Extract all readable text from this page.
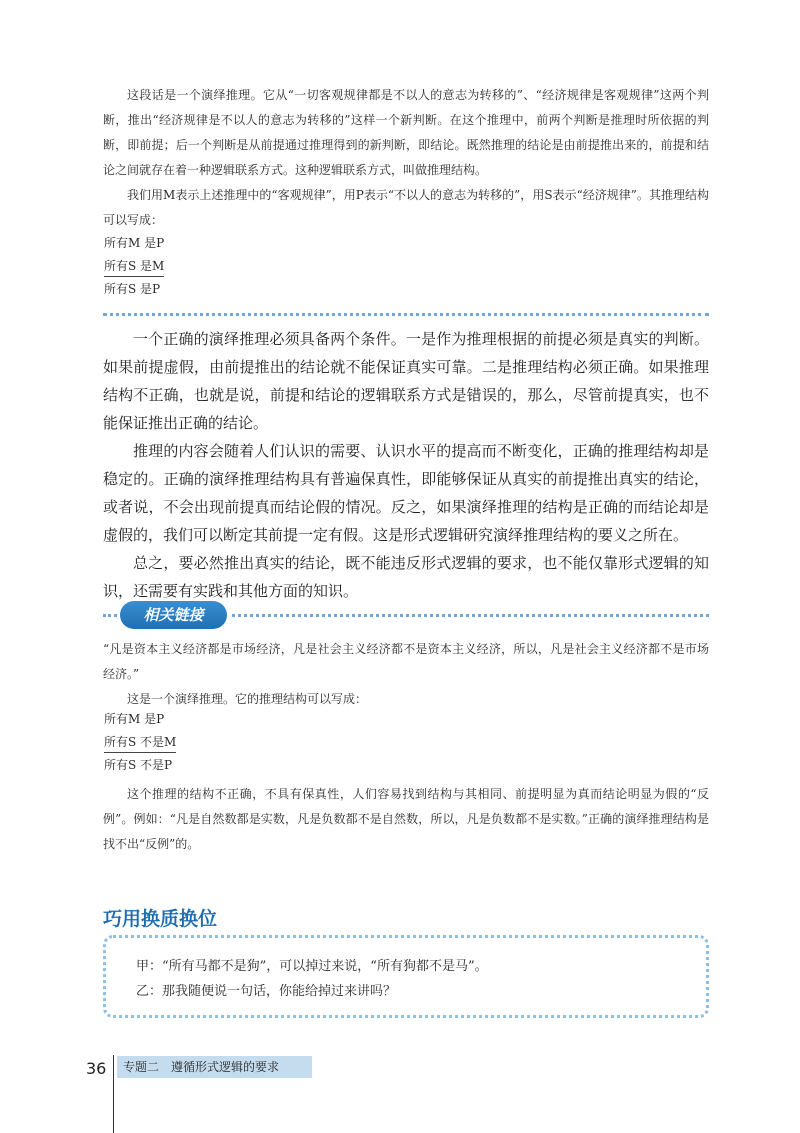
这段话是一个演绎推理。它从“一切客观规律都是不以人的意志为转移的”、“经济规律是客观规律”这两个判断，推出“经济规律是不以人的意志为转移的”这样一个新判断。在这个推理中，前两个判断是推理时所依据的判断，即前提；后一个判断是从前提通过推理得到的新判断，即结论。既然推理的结论是由前提推出来的，前提和结论之间就存在着一种逻辑联系方式。这种逻辑联系方式，叫做推理结构。

我们用M表示上述推理中的“客观规律”，用P表示“不以人的意志为转移的”，用S表示“经济规律”。其推理结构可以写成：

所有M 是P
所有S 是M
所有S 是P

一个正确的演绎推理必须具备两个条件。一是作为推理根据的前提必须是真实的判断。如果前提虚假，由前提推出的结论就不能保证真实可靠。二是推理结构必须正确。如果推理结构不正确，也就是说，前提和结论的逻辑联系方式是错误的，那么，尽管前提真实，也不能保证推出正确的结论。

推理的内容会随着人们认识的需要、认识水平的提高而不断变化，正确的推理结构却是稳定的。正确的演绎推理结构具有普遍保真性，即能够保证从真实的前提推出真实的结论，或者说，不会出现前提真而结论假的情况。反之，如果演绎推理的结构是正确的而结论却是虚假的，我们可以断定其前提一定有假。这是形式逻辑研究演绎推理结构的要义之所在。

总之，要必然推出真实的结论，既不能违反形式逻辑的要求，也不能仅靠形式逻辑的知识，还需要有实践和其他方面的知识。

相关链接

“凡是资本主义经济都是市场经济，凡是社会主义经济都不是资本主义经济，所以，凡是社会主义经济都不是市场经济。”

这是一个演绎推理。它的推理结构可以写成：

所有M 是P
所有S 不是M
所有S 不是P

这个推理的结构不正确，不具有保真性，人们容易找到结构与其相同、前提明显为真而结论明显为假的“反例”。例如：“凡是自然数都是实数，凡是负数都不是自然数，所以，凡是负数都不是实数。”正确的演绎推理结构是找不出“反例”的。

巧用换质换位
甲：“所有马都不是狗”，可以掉过来说，“所有狗都不是马”。
乙：那我随便说一句话，你能给掉过来讲吗？
36	专题二　遵循形式逻辑的要求
